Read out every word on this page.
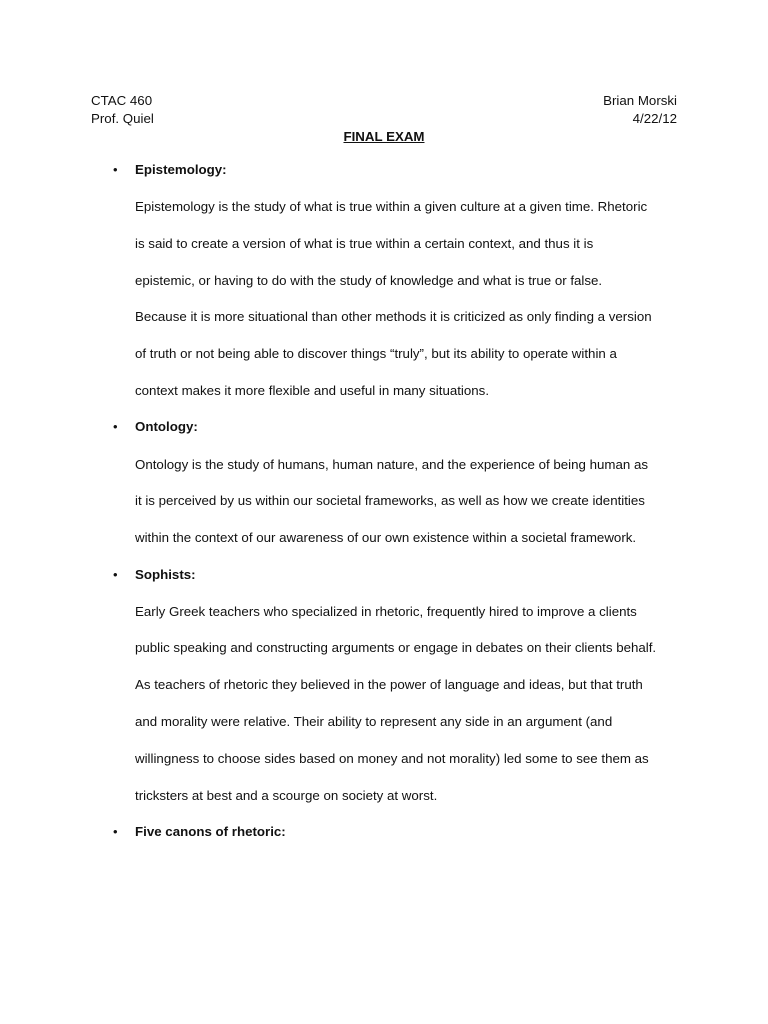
CTAC 460
Prof. Quiel
Brian Morski
4/22/12
FINAL EXAM
• Epistemology:
Epistemology is the study of what is true within a given culture at a given time. Rhetoric
is said to create a version of what is true within a certain context, and thus it is
epistemic, or having to do with the study of knowledge and what is true or false.
Because it is more situational than other methods it is criticized as only finding a version
of truth or not being able to discover things “truly”, but its ability to operate within a
context makes it more flexible and useful in many situations.
• Ontology:
Ontology is the study of humans, human nature, and the experience of being human as
it is perceived by us within our societal frameworks, as well as how we create identities
within the context of our awareness of our own existence within a societal framework.
• Sophists:
Early Greek teachers who specialized in rhetoric, frequently hired to improve a clients
public speaking and constructing arguments or engage in debates on their clients behalf.
As teachers of rhetoric they believed in the power of language and ideas, but that truth
and morality were relative. Their ability to represent any side in an argument (and
willingness to choose sides based on money and not morality) led some to see them as
tricksters at best and a scourge on society at worst.
• Five canons of rhetoric:
